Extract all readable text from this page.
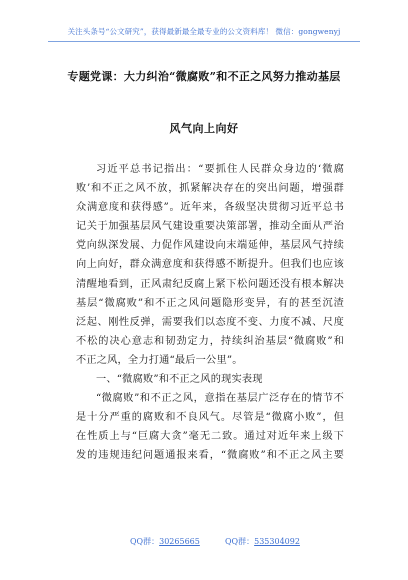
关注头条号“公文研究”，获得最新最全最专业的公文资料库！ 微信：gongwenyj
专题党课：大力纠治“微腐败”和不正之风努力推动基层
风气向上向好
习近平总书记指出：“要抓住人民群众身边的‘微腐
败’和不正之风不放，抓紧解决存在的突出问题，增强群
众满意度和获得感”。近年来，各级坚决贯彻习近平总书
记关于加强基层风气建设重要决策部署，推动全面从严治
党向纵深发展、力促作风建设向末端延伸，基层风气持续
向上向好，群众满意度和获得感不断提升。但我们也应该
清醒地看到，正风肃纪反腐上紧下松问题还没有根本解决
基层“微腐败”和不正之风问题隐形变异，有的甚至沉渣
泛起、刚性反弹，需要我们以态度不变、力度不减、尺度
不松的决心意志和韧劲定力，持续纠治基层“微腐败”和
不正之风，全力打通“最后一公里”。
一、“微腐败”和不正之风的现实表现
“微腐败”和不正之风，意指在基层广泛存在的情节不
是十分严重的腐败和不良风气。尽管是“微腐小败”，但
在性质上与“巨腐大贪”毫无二致。通过对近年来上级下
发的违规违纪问题通报来看，“微腐败”和不正之风主要
QQ群：30265665	QQ群：535304092
